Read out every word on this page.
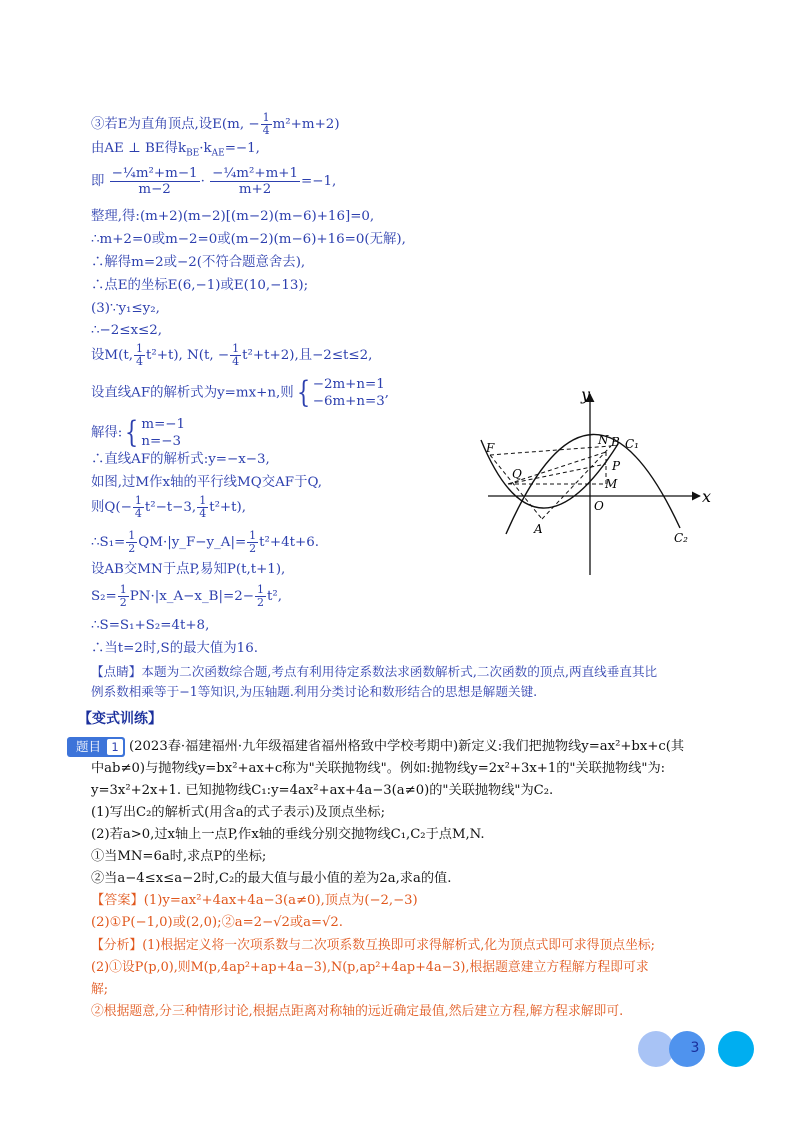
③若E为直角顶点,设E(m, − $\frac{1}{4} m^2+m+2$)
由AE ⊥ BE得$k_{BE}\cdot k_{AE}=-1$,
即 $\frac{\text{−¼m²+m−1}}{m-2} \cdot \frac{\text{−¼m²+m+1}}{m+2} =-1$,
整理,得:(m+2)(m−2)[(m−2)(m−6)+16]=0,
∴m+2=0或m−2=0或(m−2)(m−6)+16=0(无解),
∴解得m=2或−2(不符合题意舍去),
∴点E的坐标E(6,−1)或E(10,−13);
(3)∵y₁≤y₂,
∴−2≤x≤2,
设M(t, $\frac{1}{4} t^2+t$), N(t, − $\frac{1}{4} t^2+t+2$),且−2≤t≤2,
设直线AF的解析式为y=mx+n,则 { −2m+n=1
−6m+n=3
,
解得: { m=−1
n=−3
∴直线AF的解析式:y=−x−3,
如图,过M作x轴的平行线MQ交AF于Q,
则$Q(- \frac{1}{4} t^2-t-3$, $\frac{1}{4} t^2+t$),
∴S₁= $\frac{1}{2}$ QM·|y_F−y_A|= $\frac{1}{2} t^2+4t+6$.
设AB交MN于点P,易知P(t,t+1),
$S_2= \frac{1}{2}$ PN·|x_A−x_B|=2− $\frac{1}{2} t^2$,
∴S=S₁+S₂=4t+8,
∴当t=2时,S的最大值为16.
【点睛】本题为二次函数综合题,考点有利用待定系数法求函数解析式,二次函数的顶点,两直线垂直其比
例系数相乘等于−1等知识,为压轴题.利用分类讨论和数形结合的思想是解题关键.
y
x
O
F
N B C₁
C₂
Q
P
M
A
【变式训练】
题目 1 (2023春·福建福州·九年级福建省福州格致中学校考期中)新定义:我们把抛物线y=ax²+bx+c(其
中ab≠0)与抛物线y=bx²+ax+c称为"关联抛物线"。例如:抛物线y=2x²+3x+1的"关联抛物线"为:
y=3x²+2x+1. 已知抛物线C₁:y=4ax²+ax+4a−3(a≠0)的"关联抛物线"为C₂.
(1)写出C₂的解析式(用含a的式子表示)及顶点坐标;
(2)若a>0,过x轴上一点P,作x轴的垂线分别交抛物线C₁,C₂于点M,N.
①当MN=6a时,求点P的坐标;
②当a−4≤x≤a−2时,C₂的最大值与最小值的差为2a,求a的值.
【答案】(1)y=ax²+4ax+4a−3(a≠0),顶点为(−2,−3)
(2)①P(−1,0)或(2,0);②a=2−√2或a=√2.
【分析】(1)根据定义将一次项系数与二次项系数互换即可求得解析式,化为顶点式即可求得顶点坐标;
(2)①设P(p,0),则M(p,4ap²+ap+4a−3),N(p,ap²+4ap+4a−3),根据题意建立方程解方程即可求
解;
②根据题意,分三种情形讨论,根据点距离对称轴的远近确定最值,然后建立方程,解方程求解即可.
3
